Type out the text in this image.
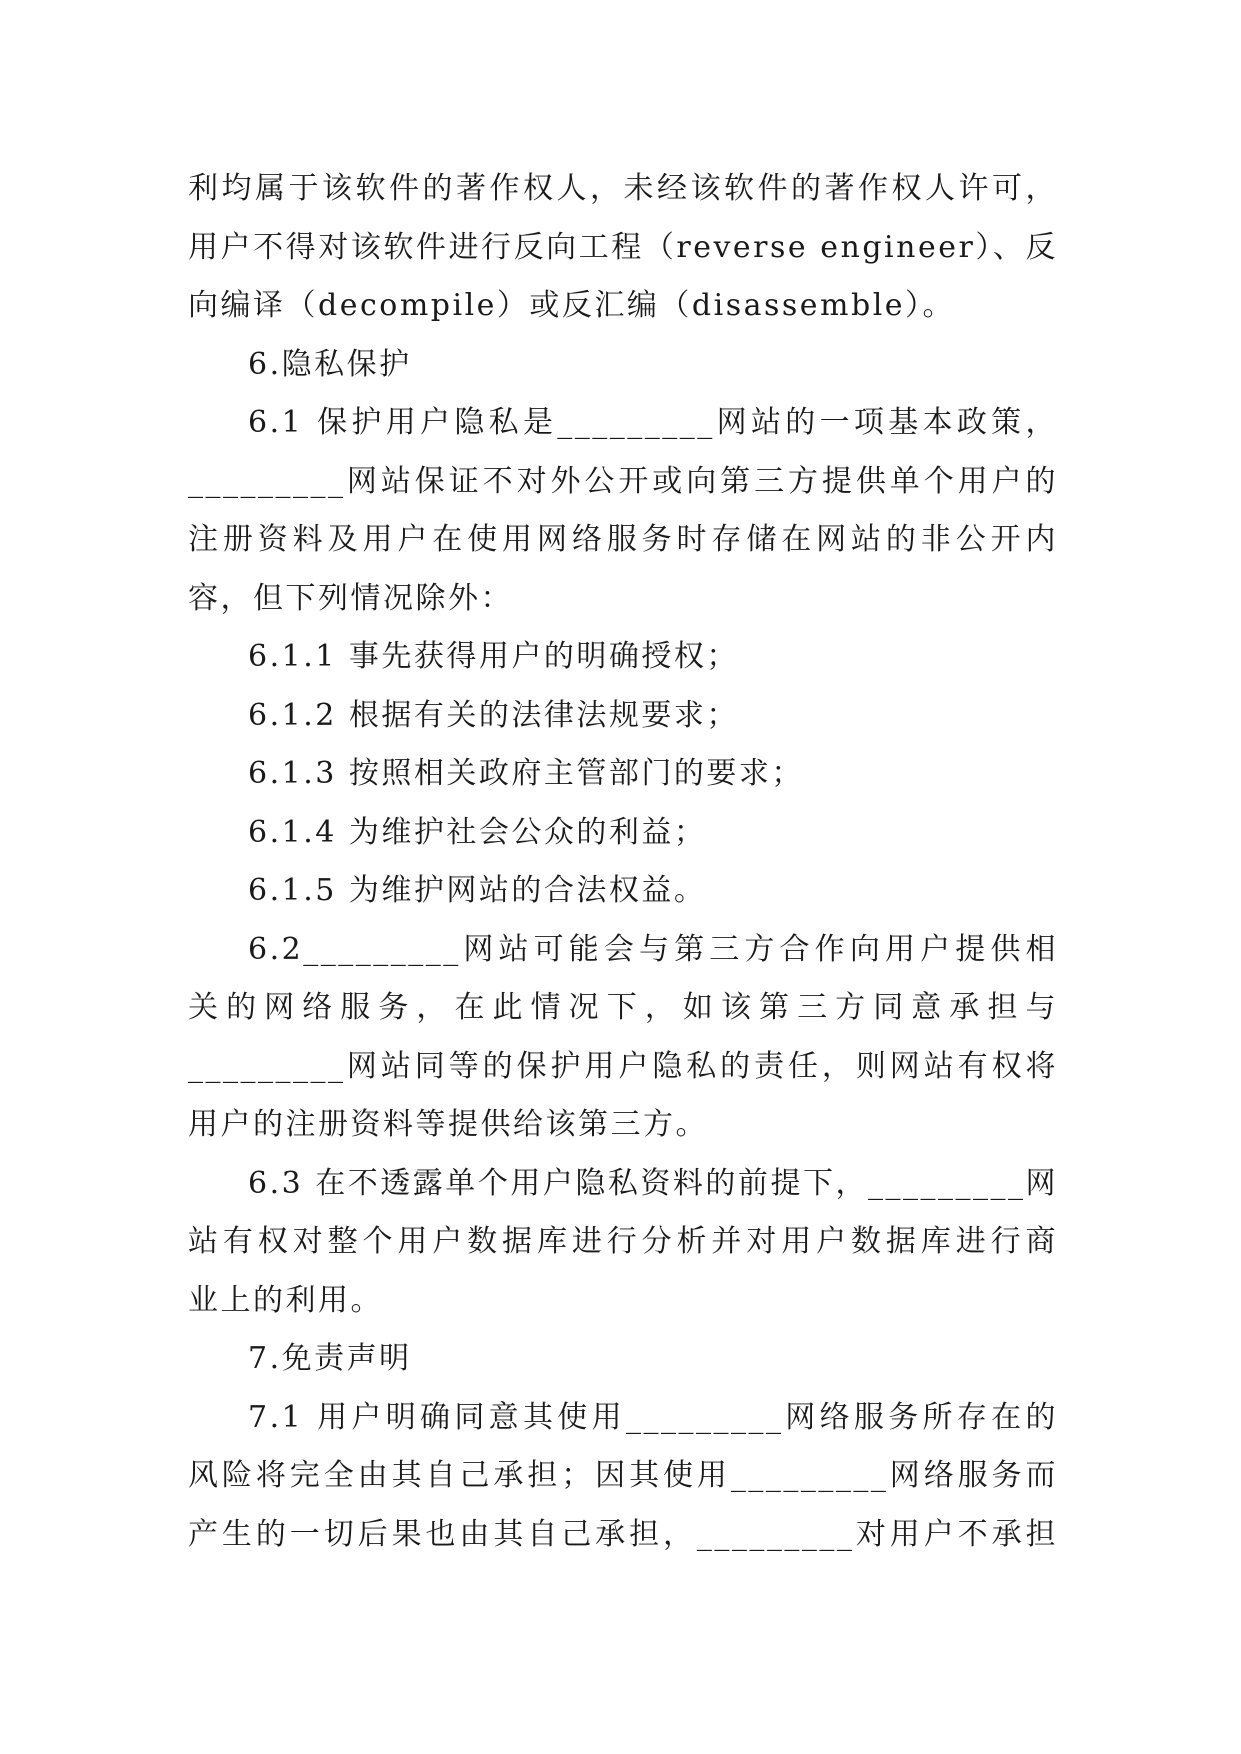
利均属于该软件的著作权人，未经该软件的著作权人许可，
用户不得对该软件进行反向工程（reverse engineer）、反
向编译（decompile）或反汇编（disassemble）。
6.隐私保护
6.1 保护用户隐私是_________网站的一项基本政策，
_________网站保证不对外公开或向第三方提供单个用户的
注册资料及用户在使用网络服务时存储在网站的非公开内
容，但下列情况除外：
6.1.1 事先获得用户的明确授权；
6.1.2 根据有关的法律法规要求；
6.1.3 按照相关政府主管部门的要求；
6.1.4 为维护社会公众的利益；
6.1.5 为维护网站的合法权益。
6.2_________网站可能会与第三方合作向用户提供相
关的网络服务，在此情况下，如该第三方同意承担与
_________网站同等的保护用户隐私的责任，则网站有权将
用户的注册资料等提供给该第三方。
6.3 在不透露单个用户隐私资料的前提下，_________网
站有权对整个用户数据库进行分析并对用户数据库进行商
业上的利用。
7.免责声明
7.1 用户明确同意其使用_________网络服务所存在的
风险将完全由其自己承担；因其使用_________网络服务而
产生的一切后果也由其自己承担，_________对用户不承担
